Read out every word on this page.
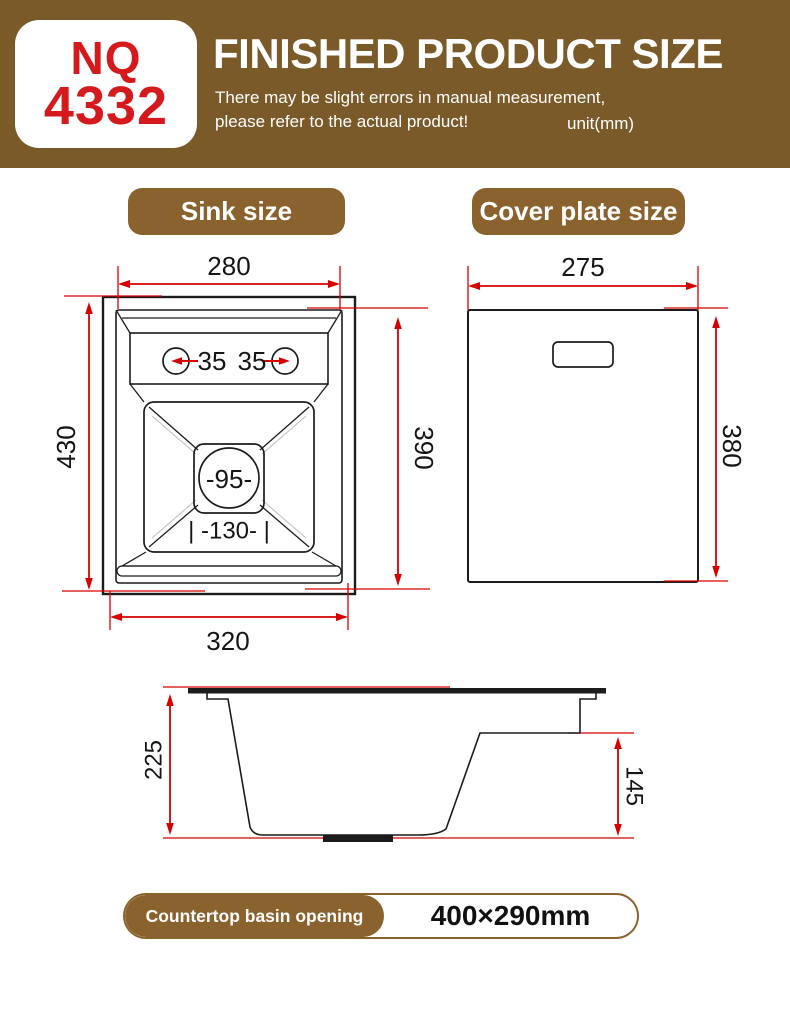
NQ
4332
FINISHED PRODUCT SIZE
There may be slight errors in manual measurement,
please refer to the actual product!	unit(mm)
Sink size	Cover plate size
35 35
-95-
| -130- |
280
430	390
320
275
380
225
145
Countertop basin opening	400×290mm
